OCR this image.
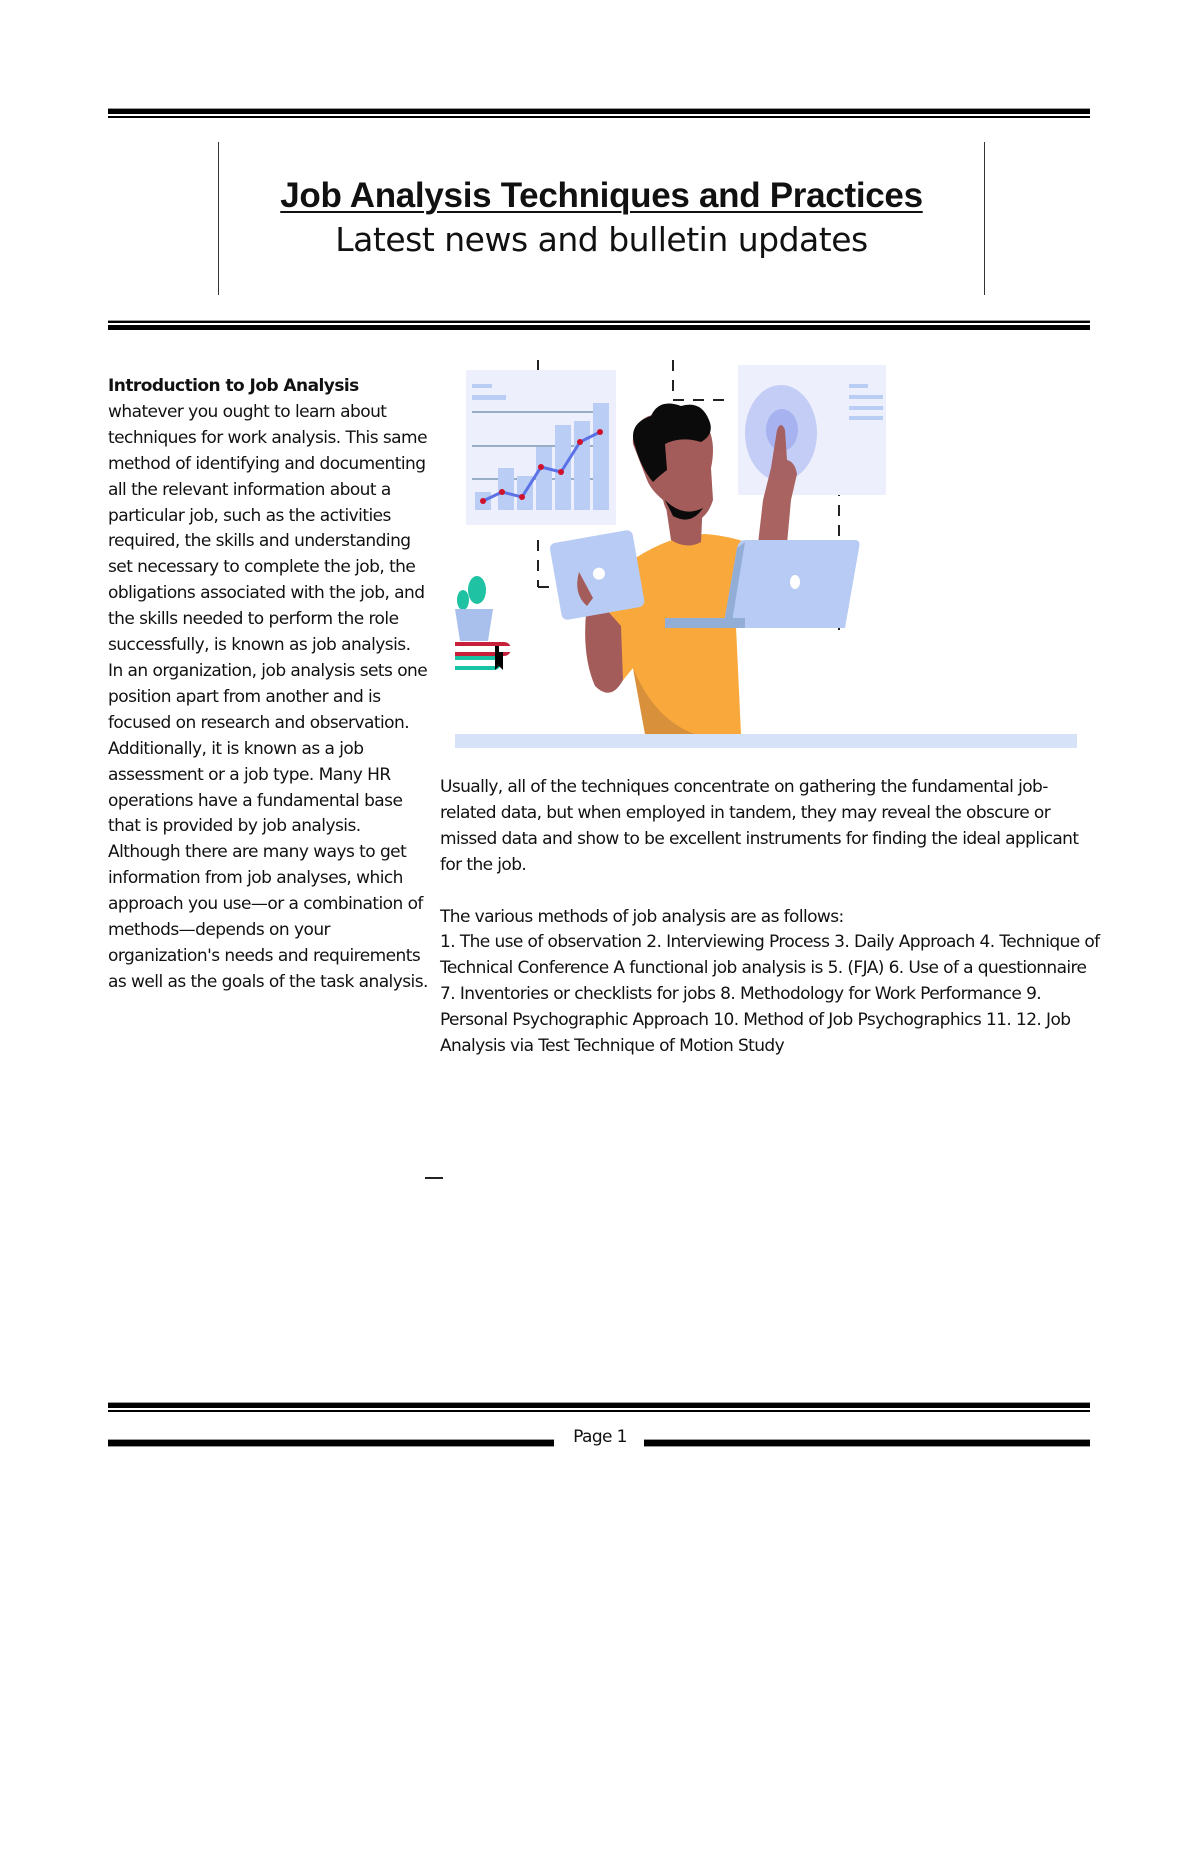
Job Analysis Techniques and Practices
Latest news and bulletin updates
Introduction to Job Analysis

whatever you ought to learn about techniques for work analysis. This same method of identifying and documenting all the relevant information about a particular job, such as the activities required, the skills and understanding set necessary to complete the job, the obligations associated with the job, and the skills needed to perform the role successfully, is known as job analysis.

In an organization, job analysis sets one position apart from another and is focused on research and observation. Additionally, it is known as a job assessment or a job type. Many HR operations have a fundamental base that is provided by job analysis.

Although there are many ways to get information from job analyses, which approach you use—or a combination of methods—depends on your organization's needs and requirements as well as the goals of the task analysis.

Usually, all of the techniques concentrate on gathering the fundamental job-related data, but when employed in tandem, they may reveal the obscure or missed data and show to be excellent instruments for finding the ideal applicant for the job.

The various methods of job analysis are as follows:

1. The use of observation 2. Interviewing Process 3. Daily Approach 4. Technique of Technical Conference A functional job analysis is 5. (FJA) 6. Use of a questionnaire

7. Inventories or checklists for jobs 8. Methodology for Work Performance 9. Personal Psychographic Approach 10. Method of Job Psychographics 11. 12. Job Analysis via Test Technique of Motion Study

Page 1
